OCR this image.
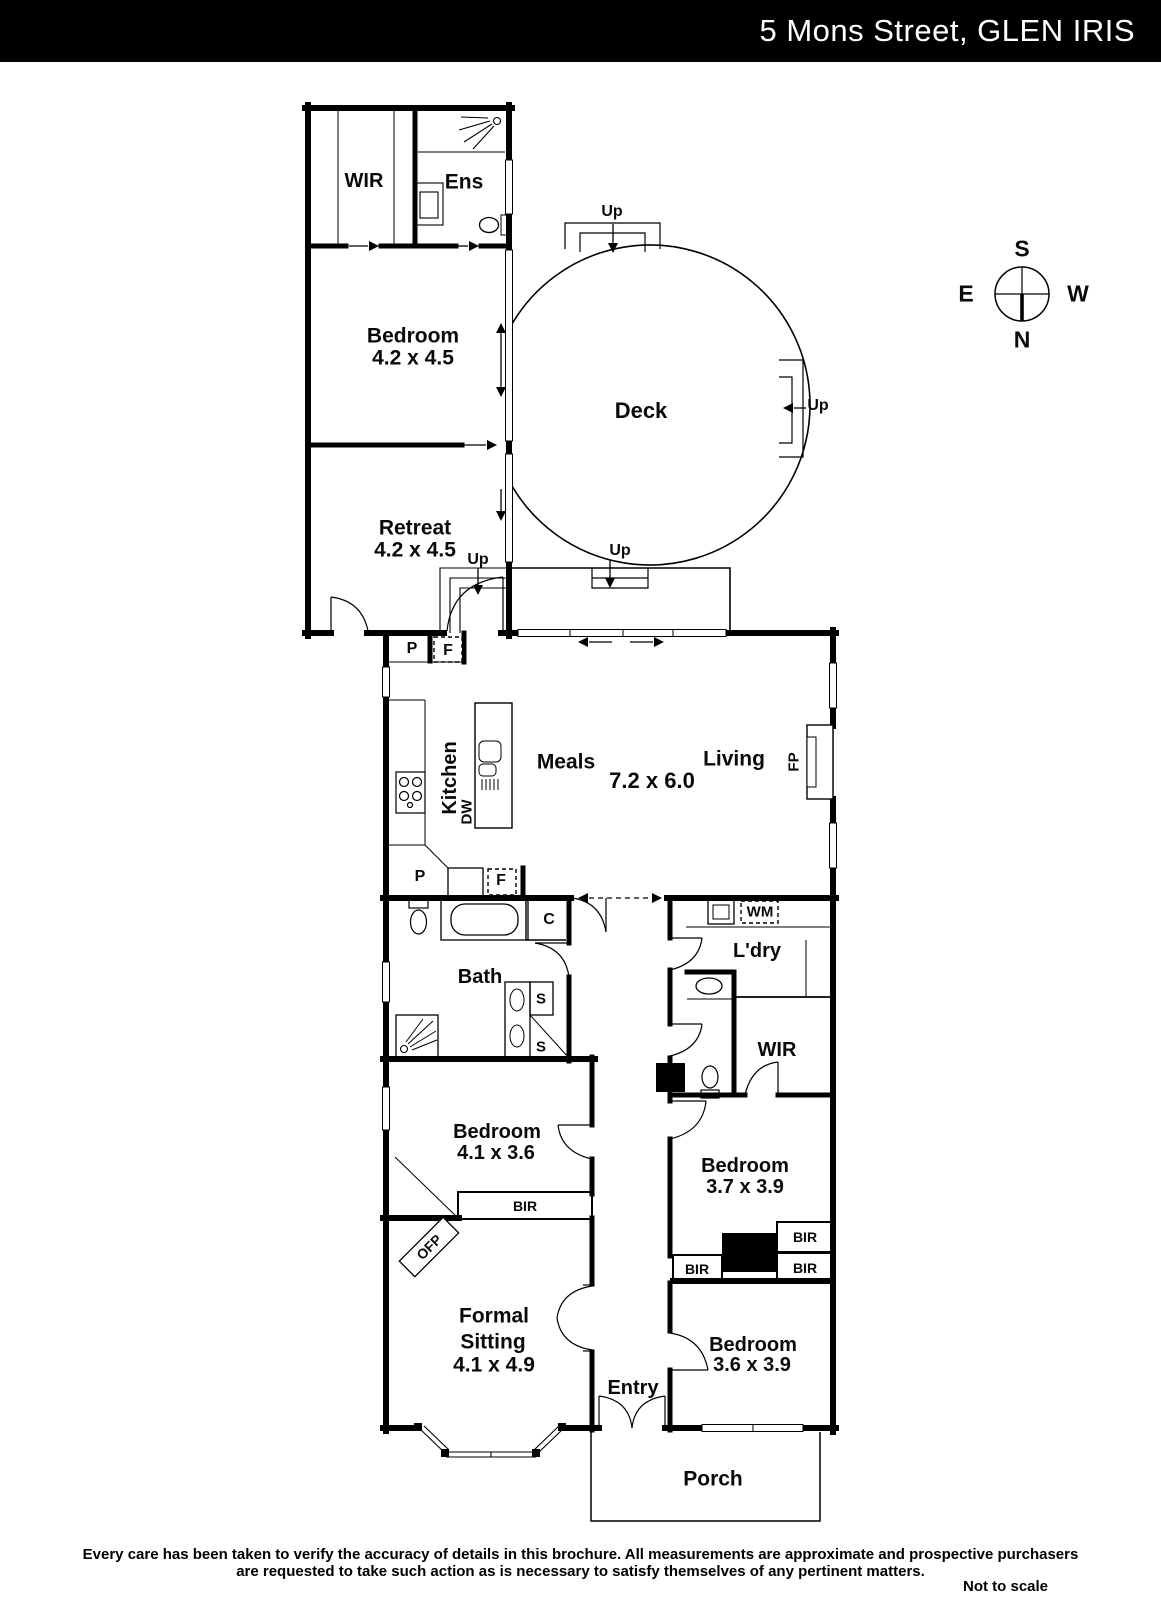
5 Mons Street, GLEN IRIS
WIR	Ens
Bedroom
4.2 x 4.5
Retreat
4.2 x 4.5
Deck
Up
Up
Up
Up
S
E	W
N
P F
Kitchen
DW
Meals
7.2 x 6.0
Living FP
P	F
C
Bath
S
S
WM
L'dry
WIR
Bedroom
4.1 x 3.6
BIR
OFP
Bedroom
3.7 x 3.9
BIR
BIR
BIR
Formal
Sitting
4.1 x 4.9
Entry
Bedroom
3.6 x 3.9
Porch
Every care has been taken to verify the accuracy of details in this brochure. All measurements are approximate and prospective purchasers
are requested to take such action as is necessary to satisfy themselves of any pertinent matters.
Not to scale
